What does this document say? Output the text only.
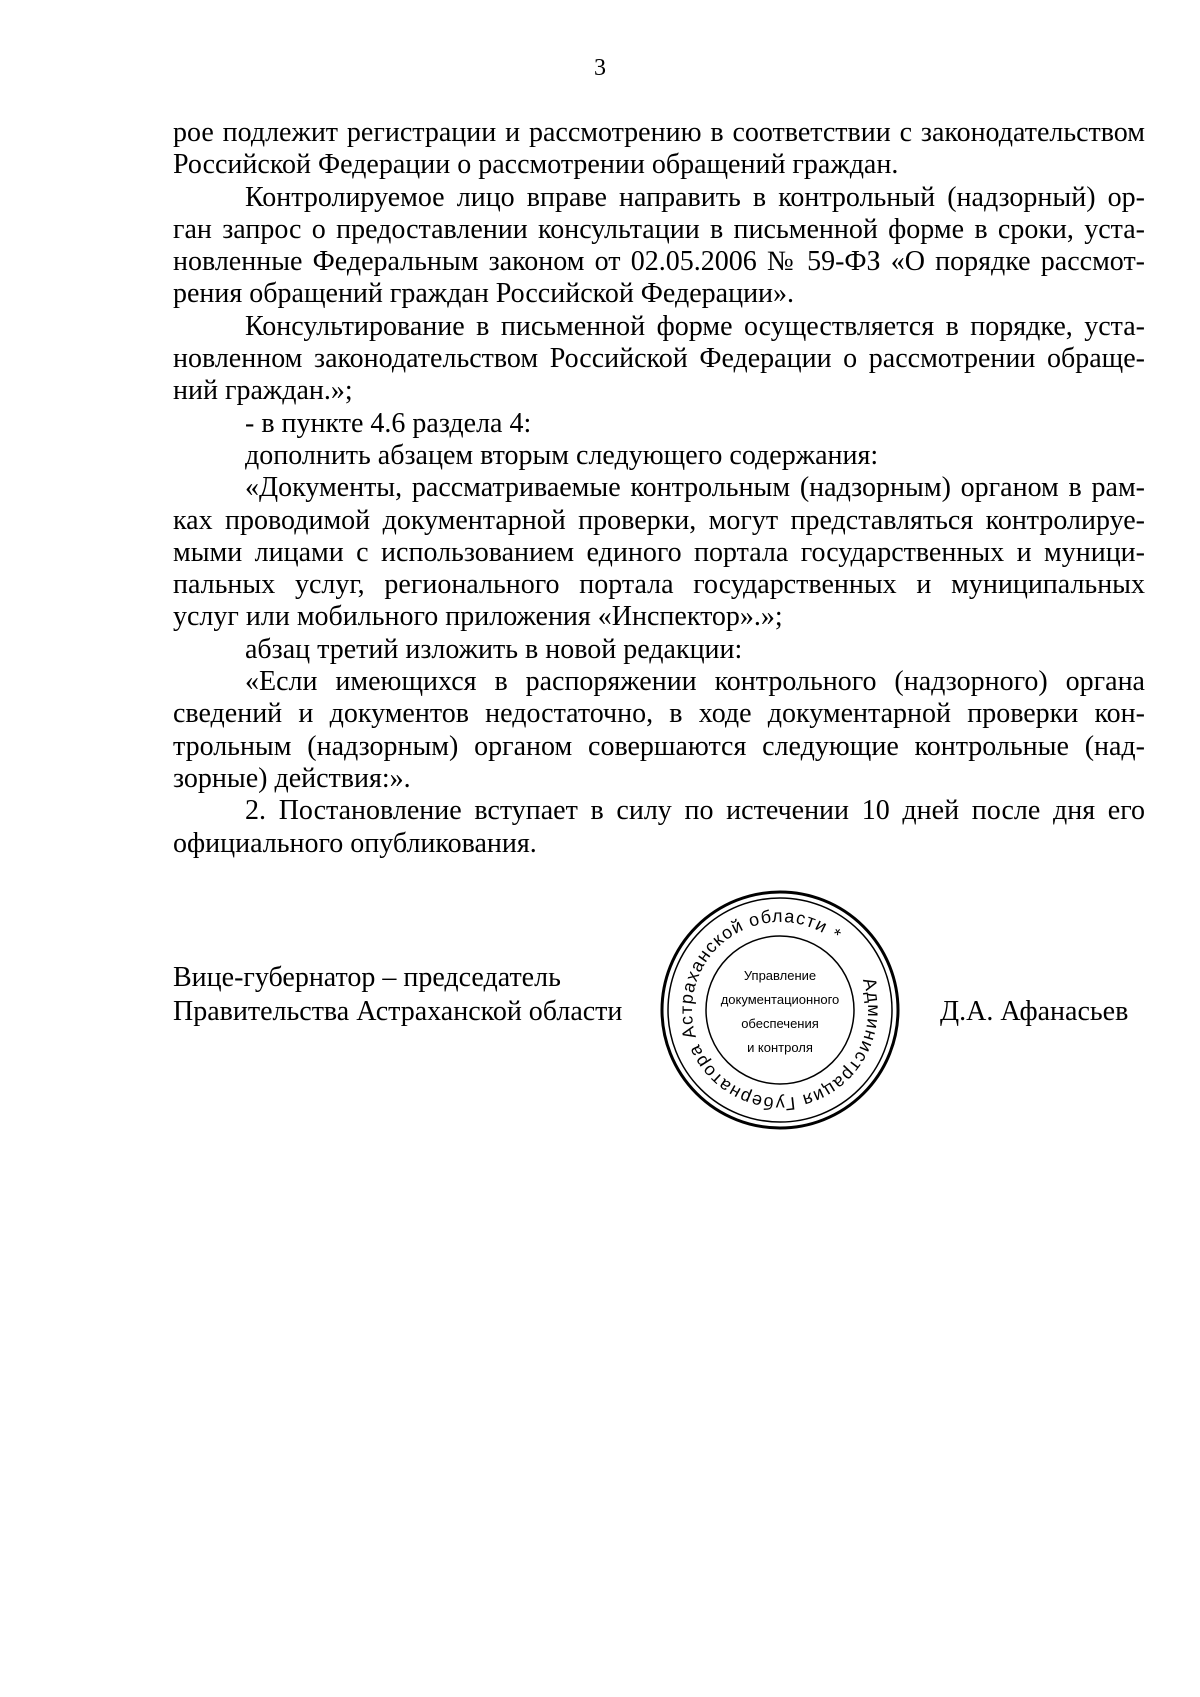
3
рое подлежит регистрации и рассмотрению в соответствии с законодательством
Российской Федерации о рассмотрении обращений граждан.
Контролируемое лицо вправе направить в контрольный (надзорный) ор-
ган запрос о предоставлении консультации в письменной форме в сроки, уста-
новленные Федеральным законом от 02.05.2006 № 59-ФЗ «О порядке рассмот-
рения обращений граждан Российской Федерации».
Консультирование в письменной форме осуществляется в порядке, уста-
новленном законодательством Российской Федерации о рассмотрении обраще-
ний граждан.»;
- в пункте 4.6 раздела 4:
дополнить абзацем вторым следующего содержания:
«Документы, рассматриваемые контрольным (надзорным) органом в рам-
ках проводимой документарной проверки, могут представляться контролируе-
мыми лицами с использованием единого портала государственных и муници-
пальных услуг, регионального портала государственных и муниципальных
услуг или мобильного приложения «Инспектор».»;
абзац третий изложить в новой редакции:
«Если имеющихся в распоряжении контрольного (надзорного) органа
сведений и документов недостаточно, в ходе документарной проверки кон-
трольным (надзорным) органом совершаются следующие контрольные (над-
зорные) действия:».
2. Постановление вступает в силу по истечении 10 дней после дня его
официального опубликования.
Вице-губернатор – председатель
Правительства Астраханской области
Администрация Губернатора Астраханской области *
Управление
документационного
обеспечения
и контроля
Д.А. Афанасьев
